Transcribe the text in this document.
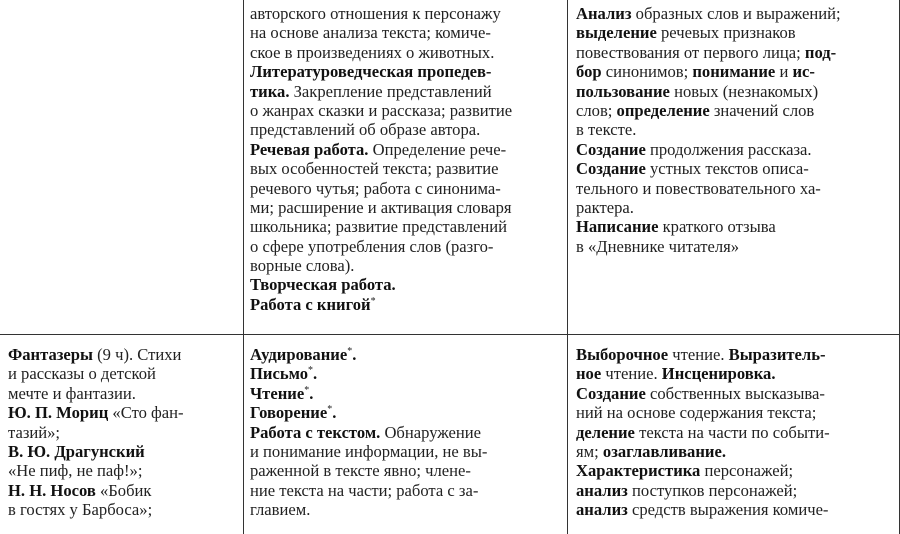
авторского отношения к персонажу
на основе анализа текста; комиче-
ское в произведениях о животных.
Литературоведческая пропедев-
тика. Закрепление представлений
о жанрах сказки и рассказа; развитие
представлений об образе автора.
Речевая работа. Определение рече-
вых особенностей текста; развитие
речевого чутья; работа с синонима-
ми; расширение и активация словаря
школьника; развитие представлений
о сфере употребления слов (разго-
ворные слова).
Творческая работа.
Работа с книгой*
Анализ образных слов и выражений;
выделение речевых признаков
повествования от первого лица; под-
бор синонимов; понимание и ис-
пользование новых (незнакомых)
слов; определение значений слов
в тексте.
Создание продолжения рассказа.
Создание устных текстов описа-
тельного и повествовательного ха-
рактера.
Написание краткого отзыва
в «Дневнике читателя»
Фантазеры (9 ч). Стихи
и рассказы о детской
мечте и фантазии.
Ю. П. Мориц «Сто фан-
тазий»;
В. Ю. Драгунский
«Не пиф, не паф!»;
Н. Н. Носов «Бобик
в гостях у Барбоса»;
Аудирование*.
Письмо*.
Чтение*.
Говорение*.
Работа с текстом. Обнаружение
и понимание информации, не вы-
раженной в тексте явно; члене-
ние текста на части; работа с за-
главием.
Выборочное чтение. Выразитель-
ное чтение. Инсценировка.
Создание собственных высказыва-
ний на основе содержания текста;
деление текста на части по событи-
ям; озаглавливание.
Характеристика персонажей;
анализ поступков персонажей;
анализ средств выражения комиче-
